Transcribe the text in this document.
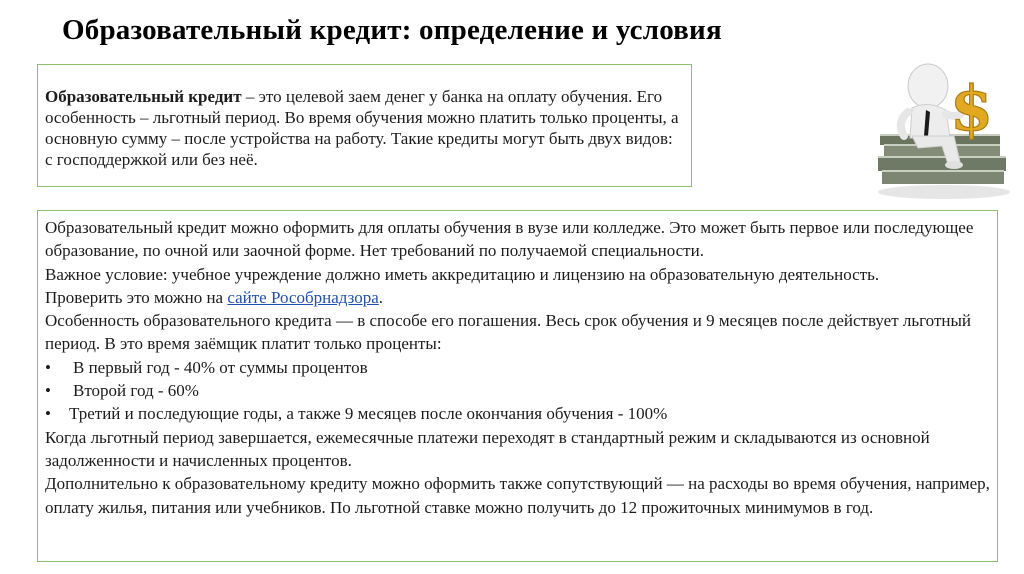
Образовательный кредит: определение и условия

Образовательный кредит – это целевой заем денег у банка на оплату обучения. Его особенность – льготный период. Во время обучения можно платить только проценты, а основную сумму – после устройства на работу. Такие кредиты могут быть двух видов: с господдержкой или без неё.

$

Образовательный кредит можно оформить для оплаты обучения в вузе или колледже. Это может быть первое или последующее образование, по очной или заочной форме. Нет требований по получаемой специальности.

Важное условие: учебное учреждение должно иметь аккредитацию и лицензию на образовательную деятельность.

Проверить это можно на сайте Рособрнадзора.

Особенность образовательного кредита — в способе его погашения. Весь срок обучения и 9 месяцев после действует льготный период. В это время заёмщик платит только проценты:

•	В первый год - 40% от суммы процентов
•	Второй год - 60%
•	Третий и последующие годы, а также 9 месяцев после окончания обучения - 100%

Когда льготный период завершается, ежемесячные платежи переходят в стандартный режим и складываются из основной задолженности и начисленных процентов.

Дополнительно к образовательному кредиту можно оформить также сопутствующий — на расходы во время обучения, например, оплату жилья, питания или учебников. По льготной ставке можно получить до 12 прожиточных минимумов в год.
